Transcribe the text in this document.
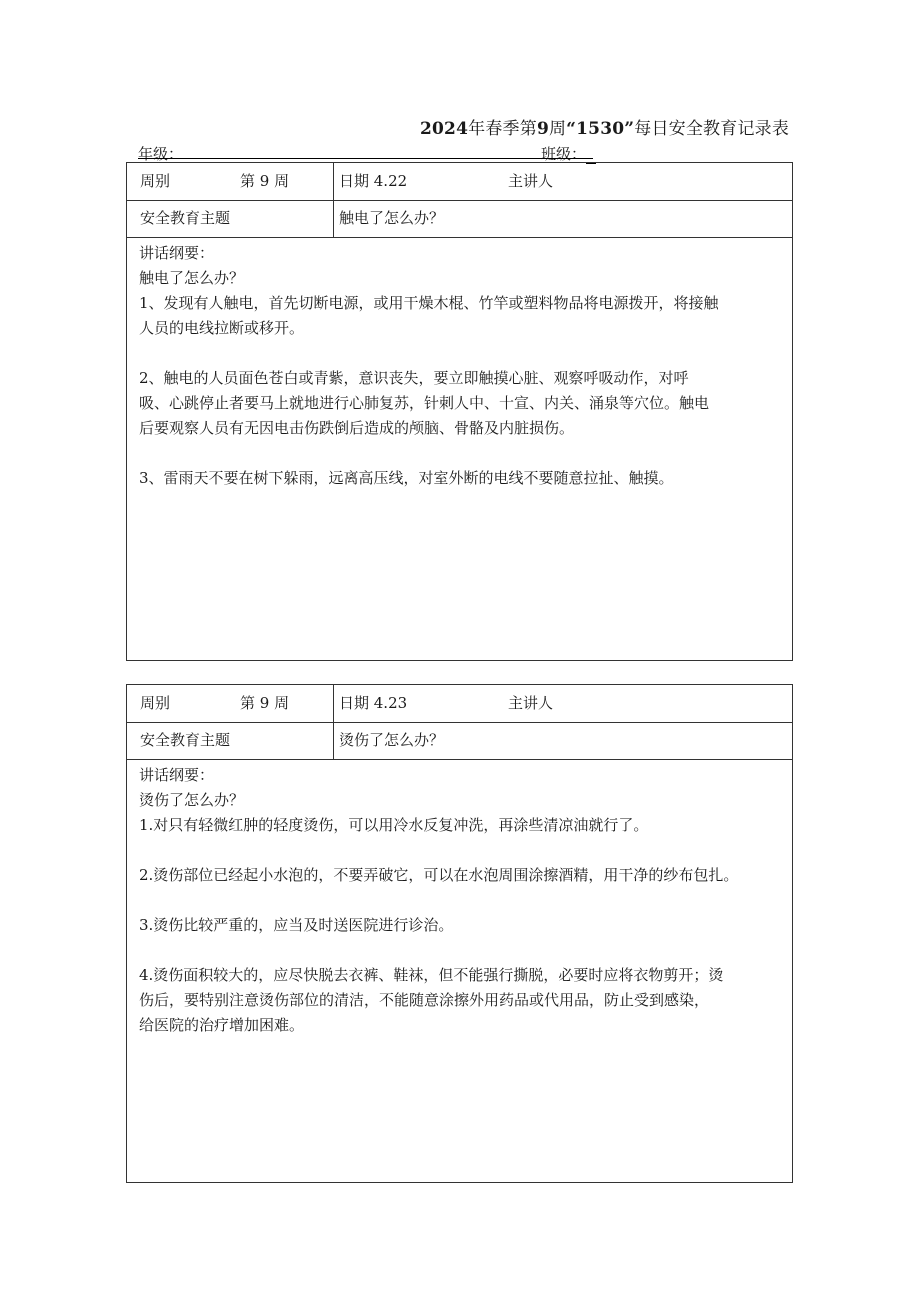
2024年春季第9周“1530”每日安全教育记录表
年级：	班级：
周别	第 9 周	日期 4.22	主讲人
安全教育主题	触电了怎么办？

讲话纲要：

触电了怎么办？

1、发现有人触电，首先切断电源，或用干燥木棍、竹竿或塑料物品将电源拨开，将接触

人员的电线拉断或移开。

2、触电的人员面色苍白或青紫，意识丧失，要立即触摸心脏、观察呼吸动作，对呼

吸、心跳停止者要马上就地进行心肺复苏，针刺人中、十宣、内关、涌泉等穴位。触电

后要观察人员有无因电击伤跌倒后造成的颅脑、骨骼及内脏损伤。

3、雷雨天不要在树下躲雨，远离高压线，对室外断的电线不要随意拉扯、触摸。

周别	第 9 周	日期 4.23	主讲人
安全教育主题	烫伤了怎么办？

讲话纲要：

烫伤了怎么办？

1.对只有轻微红肿的轻度烫伤，可以用冷水反复冲洗，再涂些清凉油就行了。

2.烫伤部位已经起小水泡的，不要弄破它，可以在水泡周围涂擦酒精，用干净的纱布包扎。

3.烫伤比较严重的，应当及时送医院进行诊治。

4.烫伤面积较大的，应尽快脱去衣裤、鞋袜，但不能强行撕脱，必要时应将衣物剪开；烫

伤后，要特别注意烫伤部位的清洁，不能随意涂擦外用药品或代用品，防止受到感染，

给医院的治疗增加困难。
